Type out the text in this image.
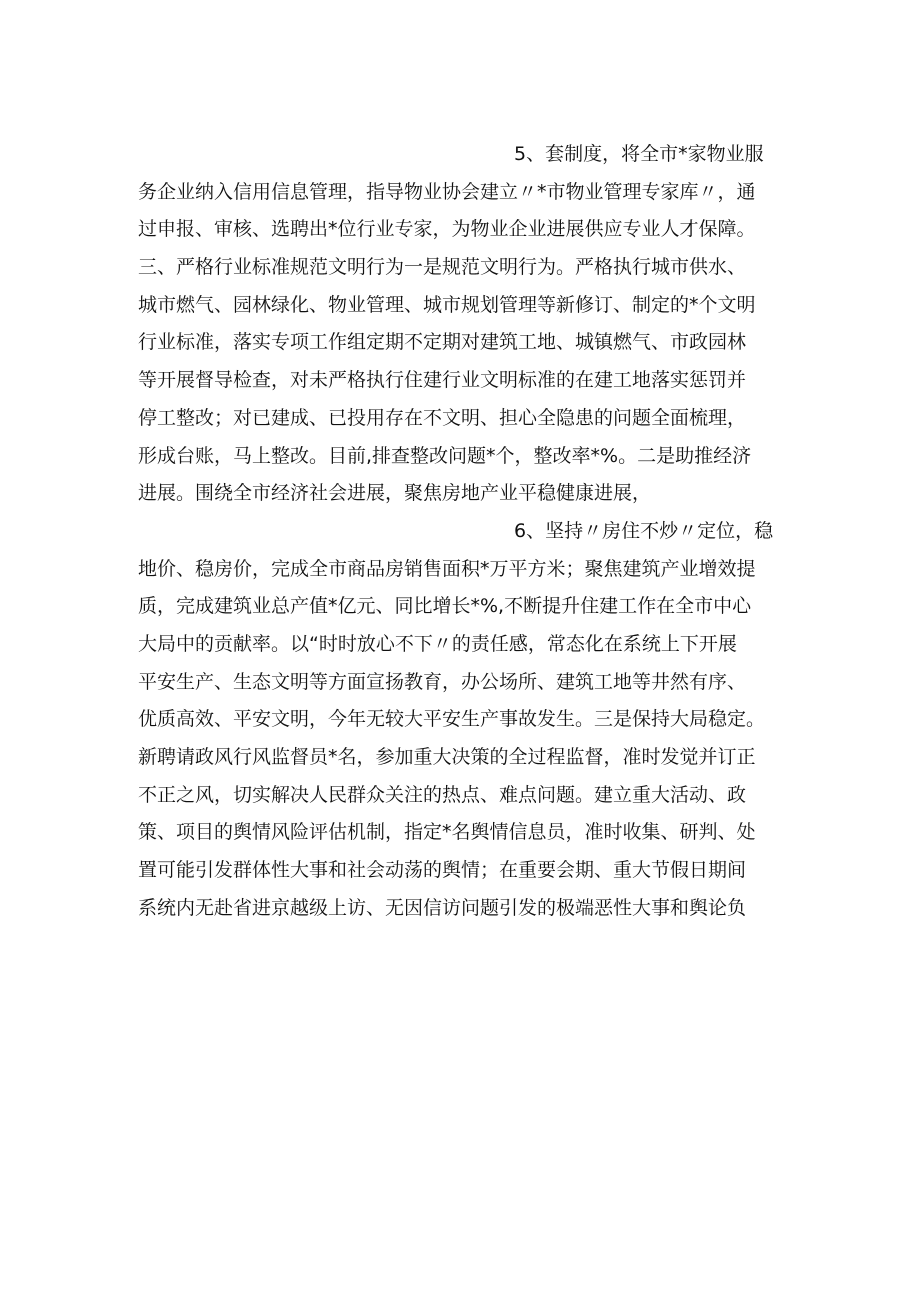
5、套制度，将全市*家物业服
务企业纳入信用信息管理，指导物业协会建立〃*市物业管理专家库〃，通
过申报、审核、选聘出*位行业专家，为物业企业进展供应专业人才保障。
三、严格行业标准规范文明行为一是规范文明行为。严格执行城市供水、
城市燃气、园林绿化、物业管理、城市规划管理等新修订、制定的*个文明
行业标准，落实专项工作组定期不定期对建筑工地、城镇燃气、市政园林
等开展督导检查，对未严格执行住建行业文明标准的在建工地落实惩罚并
停工整改；对已建成、已投用存在不文明、担心全隐患的问题全面梳理，
形成台账，马上整改。目前,排查整改问题*个，整改率*%。二是助推经济
进展。围绕全市经济社会进展，聚焦房地产业平稳健康进展，
6、坚持〃房住不炒〃定位，稳
地价、稳房价，完成全市商品房销售面积*万平方米；聚焦建筑产业增效提
质，完成建筑业总产值*亿元、同比增长*%,不断提升住建工作在全市中心
大局中的贡献率。以“时时放心不下〃的责任感，常态化在系统上下开展
平安生产、生态文明等方面宣扬教育，办公场所、建筑工地等井然有序、
优质高效、平安文明，今年无较大平安生产事故发生。三是保持大局稳定。
新聘请政风行风监督员*名，参加重大决策的全过程监督，准时发觉并订正
不正之风，切实解决人民群众关注的热点、难点问题。建立重大活动、政
策、项目的舆情风险评估机制，指定*名舆情信息员，准时收集、研判、处
置可能引发群体性大事和社会动荡的舆情；在重要会期、重大节假日期间
系统内无赴省进京越级上访、无因信访问题引发的极端恶性大事和舆论负
